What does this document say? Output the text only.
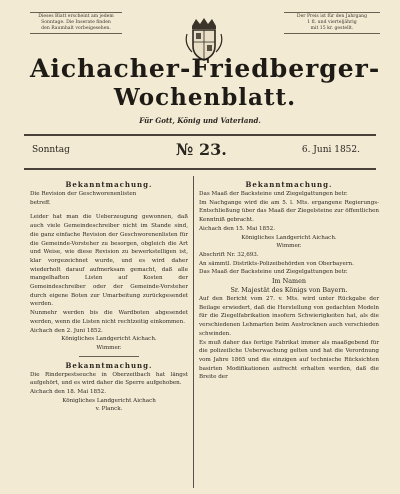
Dieses Blatt erscheint am jedem
Sonntage. Die Inserate finden
den Raumhalt vorbeigesehen.
Der Preis ist für den Jahrgang
1 fl. und vierteljährig
mit 15 kr. gestellt.
Aichacher-Friedberger-
Wochenblatt.
Für Gott, König und Vaterland.
Sonntag	№ 23.	6. Juni 1852.

Bekanntmachung.

Die Revision der Geschworenenlisten

betreff.

Leider hat man die Ueberzeugung gewonnen, daß auch viele Gemeindeschreiber nicht im Stande sind, die ganz einfache Revision der Geschworenenlisten für die Gemeinde-Vorsteher zu besorgen, obgleich die Art und Weise, wie diese Revision zu bewerkstelligen ist, klar vorgezeichnet wurde, und es wird daher wiederholt darauf aufmerksam gemacht, daß alle mangelhaften Listen auf Kosten der Gemeindeschreiber oder der Gemeinde-Vorsteher durch eigene Boten zur Umarbeitung zurückgesendet werden.

Nunmehr werden bis die Wardboten abgesendet werden, wenn die Listen nicht rechtzeitig einkommen.

Aichach den 2. Juni 1852.

Königliches Landgericht Aichach.

Wimmer.

Bekanntmachung.

Die Rinderpestseuche in Oberzeitbach hat längst aufgehört, und es wird daher die Sperre aufgehoben.

Aichach den 18. Mai 1852.

Königliches Landgericht Aichach

v. Planck.

Bekanntmachung.

Das Maaß der Backsteine und Ziegelgattungen betr.

Im Nachgange wird die am 5. l. Mts. ergangene Regierungs-Entschließung über das Maaß der Ziegelsteine zur öffentlichen Kenntniß gebracht.

Aichach den 15. Mai 1852.

Königliches Landgericht Aichach.

Wimmer.

Abschrift Nr. 32,693.

An sämmtl. Distrikts-Polizeibehörden von Oberbayern.

Das Maaß der Backsteine und Ziegelgattungen betr.

Im Namen

Sr. Majestät des Königs von Bayern.

Auf den Bericht vom 27. v. Mts. wird unter Rückgabe der Beilage erwiedert, daß die Herstellung von gedachten Modeln für die Ziegelfabrikation insofern Schwierigkeiten hat, als die verschiedenen Lehmarten beim Austrocknen auch verschieden schwinden.

Es muß daher das fertige Fabrikat immer als maaßgebend für die polizeiliche Ueberwachung gelten und hat die Verordnung vom Jahre 1865 und die einzigen auf technische Rücksichten basirten Modifikationen aufrecht erhalten werden, daß die Breite der
